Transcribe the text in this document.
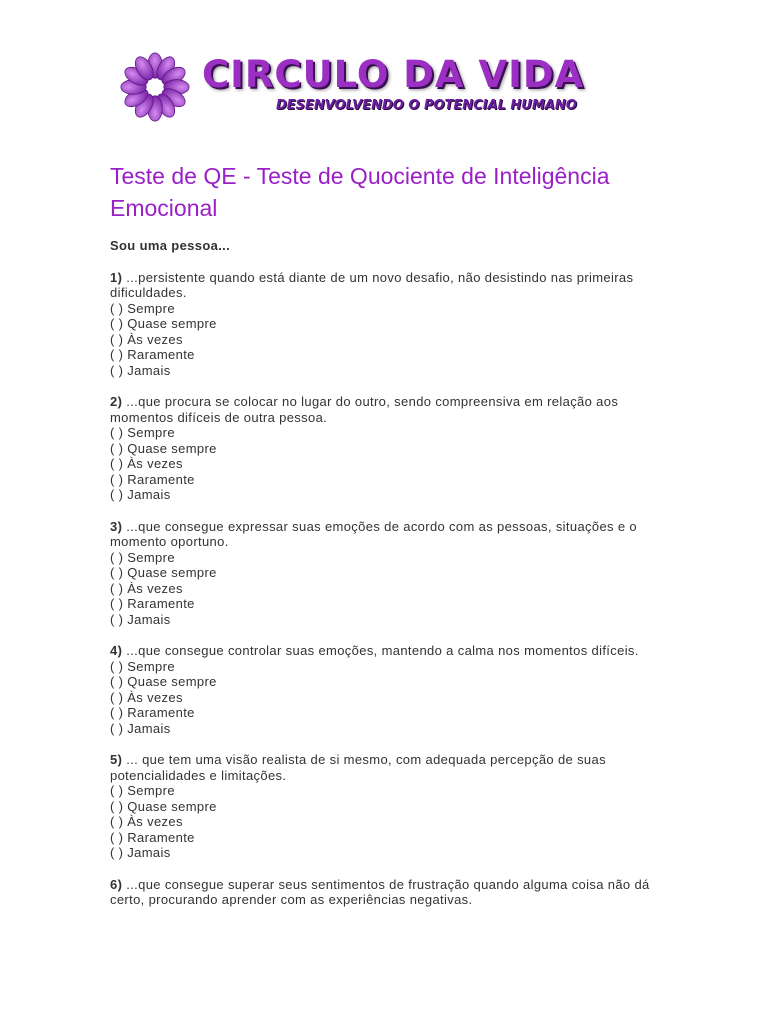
CIRCULO DA VIDA
DESENVOLVENDO O POTENCIAL HUMANO
Teste de QE - Teste de Quociente de Inteligência Emocional

Sou uma pessoa...

1) ...persistente quando está diante de um novo desafio, não desistindo nas primeiras dificuldades.

( ) Sempre
( ) Quase sempre
( ) Às vezes
( ) Raramente
( ) Jamais

2) ...que procura se colocar no lugar do outro, sendo compreensiva em relação aos momentos difíceis de outra pessoa.

( ) Sempre
( ) Quase sempre
( ) Às vezes
( ) Raramente
( ) Jamais

3) ...que consegue expressar suas emoções de acordo com as pessoas, situações e o momento oportuno.

( ) Sempre
( ) Quase sempre
( ) Às vezes
( ) Raramente
( ) Jamais

4) ...que consegue controlar suas emoções, mantendo a calma nos momentos difíceis.

( ) Sempre
( ) Quase sempre
( ) Às vezes
( ) Raramente
( ) Jamais

5) ... que tem uma visão realista de si mesmo, com adequada percepção de suas potencialidades e limitações.

( ) Sempre
( ) Quase sempre
( ) Às vezes
( ) Raramente
( ) Jamais

6) ...que consegue superar seus sentimentos de frustração quando alguma coisa não dá certo, procurando aprender com as experiências negativas.
